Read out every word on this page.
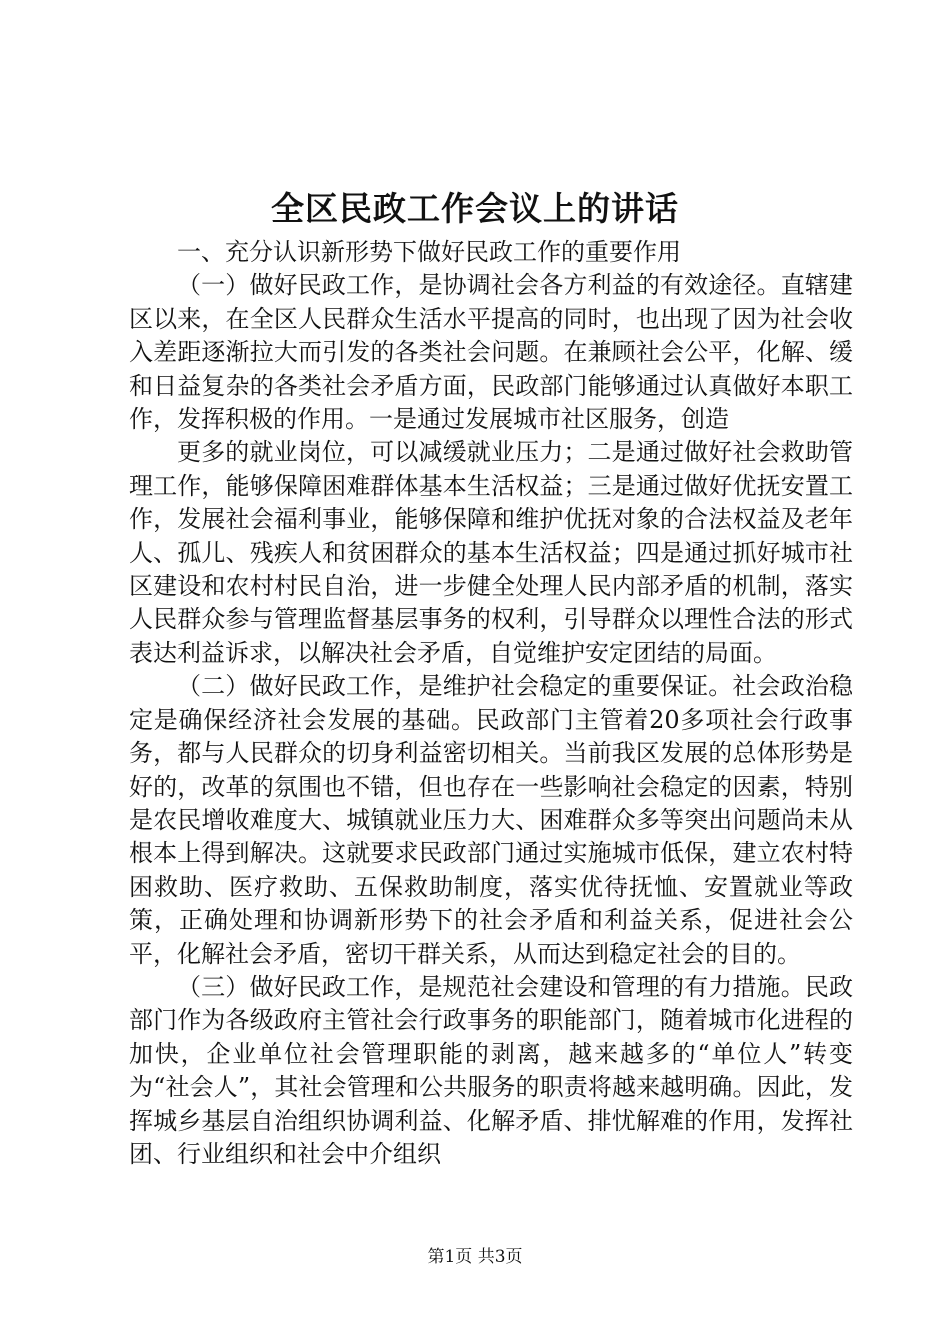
全区民政工作会议上的讲话

一、充分认识新形势下做好民政工作的重要作用

（一）做好民政工作，是协调社会各方利益的有效途径。直辖建区以来，在全区人民群众生活水平提高的同时，也出现了因为社会收入差距逐渐拉大而引发的各类社会问题。在兼顾社会公平，化解、缓和日益复杂的各类社会矛盾方面，民政部门能够通过认真做好本职工作，发挥积极的作用。一是通过发展城市社区服务，创造

更多的就业岗位，可以减缓就业压力；二是通过做好社会救助管理工作，能够保障困难群体基本生活权益；三是通过做好优抚安置工作，发展社会福利事业，能够保障和维护优抚对象的合法权益及老年人、孤儿、残疾人和贫困群众的基本生活权益；四是通过抓好城市社区建设和农村村民自治，进一步健全处理人民内部矛盾的机制，落实人民群众参与管理监督基层事务的权利，引导群众以理性合法的形式表达利益诉求，以解决社会矛盾，自觉维护安定团结的局面。

（二）做好民政工作，是维护社会稳定的重要保证。社会政治稳定是确保经济社会发展的基础。民政部门主管着20多项社会行政事务，都与人民群众的切身利益密切相关。当前我区发展的总体形势是好的，改革的氛围也不错，但也存在一些影响社会稳定的因素，特别是农民增收难度大、城镇就业压力大、困难群众多等突出问题尚未从根本上得到解决。这就要求民政部门通过实施城市低保，建立农村特困救助、医疗救助、五保救助制度，落实优待抚恤、安置就业等政策，正确处理和协调新形势下的社会矛盾和利益关系，促进社会公平，化解社会矛盾，密切干群关系，从而达到稳定社会的目的。

（三）做好民政工作，是规范社会建设和管理的有力措施。民政部门作为各级政府主管社会行政事务的职能部门，随着城市化进程的加快，企业单位社会管理职能的剥离，越来越多的“单位人”转变为“社会人”，其社会管理和公共服务的职责将越来越明确。因此，发挥城乡基层自治组织协调利益、化解矛盾、排忧解难的作用，发挥社团、行业组织和社会中介组织

第1页 共3页
